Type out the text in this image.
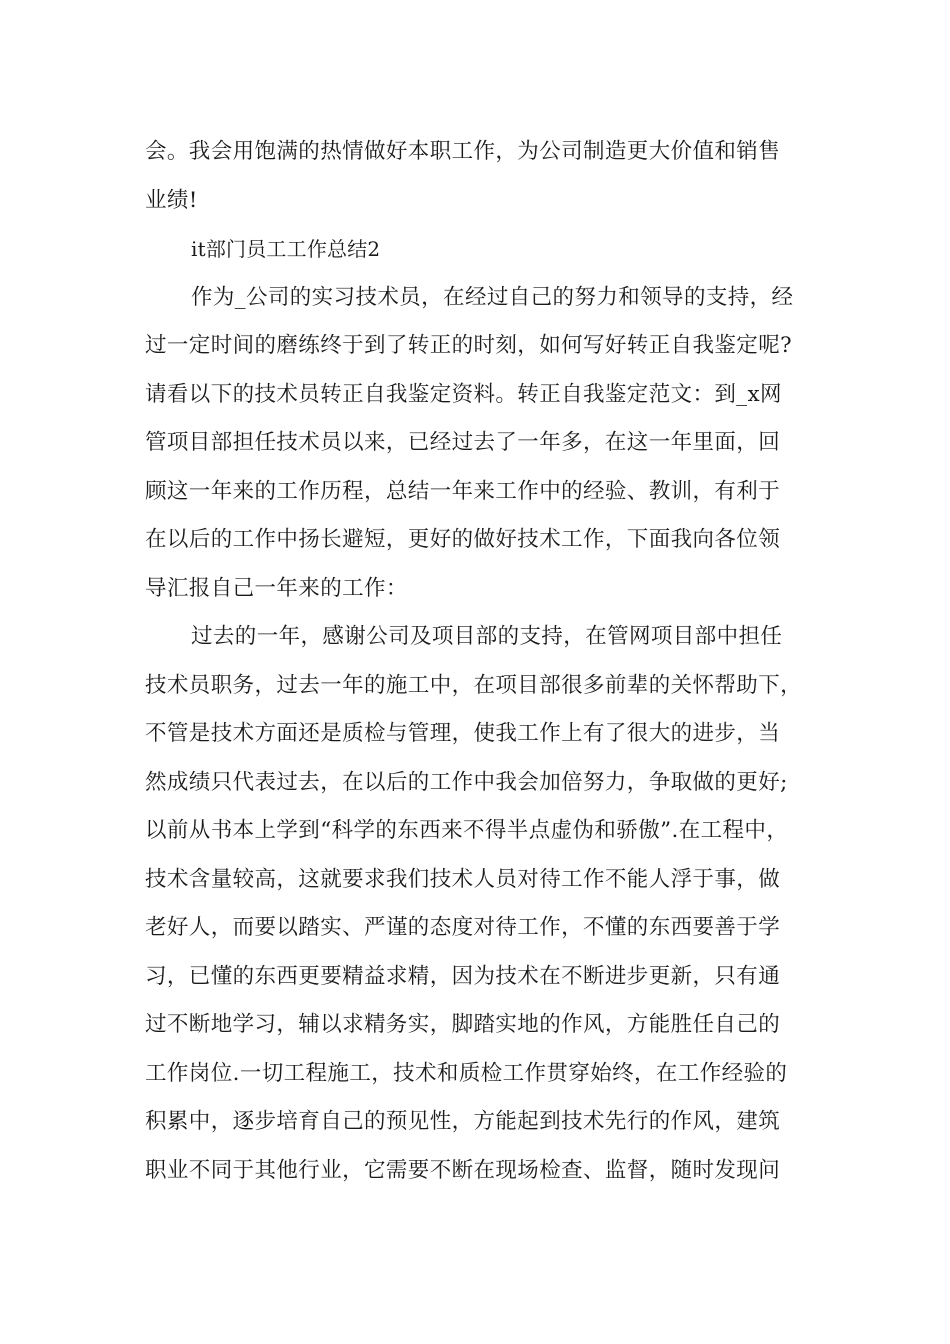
会。我会用饱满的热情做好本职工作，为公司制造更大价值和销售
业绩!
it部门员工工作总结2
作为_公司的实习技术员，在经过自己的努力和领导的支持，经
过一定时间的磨练终于到了转正的时刻，如何写好转正自我鉴定呢?
请看以下的技术员转正自我鉴定资料。转正自我鉴定范文：到_x网
管项目部担任技术员以来，已经过去了一年多，在这一年里面，回
顾这一年来的工作历程，总结一年来工作中的经验、教训，有利于
在以后的工作中扬长避短，更好的做好技术工作，下面我向各位领
导汇报自己一年来的工作：
过去的一年，感谢公司及项目部的支持，在管网项目部中担任
技术员职务，过去一年的施工中，在项目部很多前辈的关怀帮助下，
不管是技术方面还是质检与管理，使我工作上有了很大的进步，当
然成绩只代表过去，在以后的工作中我会加倍努力，争取做的更好;
以前从书本上学到“科学的东西来不得半点虚伪和骄傲”.在工程中，
技术含量较高，这就要求我们技术人员对待工作不能人浮于事，做
老好人，而要以踏实、严谨的态度对待工作，不懂的东西要善于学
习，已懂的东西更要精益求精，因为技术在不断进步更新，只有通
过不断地学习，辅以求精务实，脚踏实地的作风，方能胜任自己的
工作岗位.一切工程施工，技术和质检工作贯穿始终，在工作经验的
积累中，逐步培育自己的预见性，方能起到技术先行的作风，建筑
职业不同于其他行业，它需要不断在现场检查、监督，随时发现问
